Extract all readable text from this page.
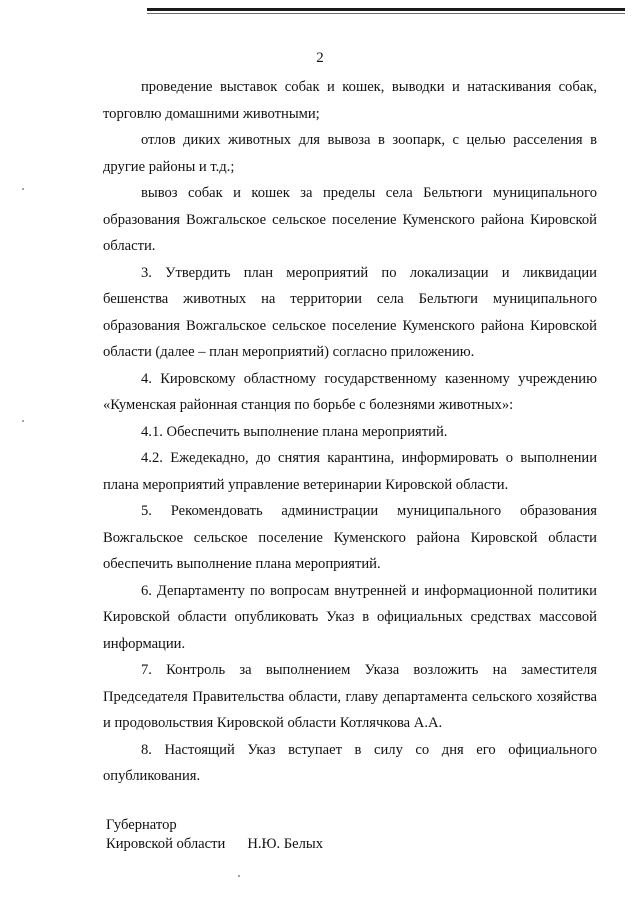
2

проведение выставок собак и кошек, выводки и натаскивания собак, торговлю домашними животными;

отлов диких животных для вывоза в зоопарк, с целью расселения в другие районы и т.д.;

вывоз собак и кошек за пределы села Бельтюги муниципального образования Вожгальское сельское поселение Куменского района Кировской области.

3. Утвердить план мероприятий по локализации и ликвидации бешенства животных на территории села Бельтюги муниципального образования Вожгальское сельское поселение Куменского района Кировской области (далее – план мероприятий) согласно приложению.

4. Кировскому областному государственному казенному учреждению «Куменская районная станция по борьбе с болезнями животных»:

4.1. Обеспечить выполнение плана мероприятий.

4.2. Ежедекадно, до снятия карантина, информировать о выполнении плана мероприятий управление ветеринарии Кировской области.

5. Рекомендовать администрации муниципального образования Вожгальское сельское поселение Куменского района Кировской области обеспечить выполнение плана мероприятий.

6. Департаменту по вопросам внутренней и информационной политики Кировской области опубликовать Указ в официальных средствах массовой информации.

7. Контроль за выполнением Указа возложить на заместителя Председателя Правительства области, главу департамента сельского хозяйства и продовольствия Кировской области Котлячкова А.А.

8. Настоящий Указ вступает в силу со дня его официального опубликования.

Губернатор
Кировской области Н.Ю. Белых
